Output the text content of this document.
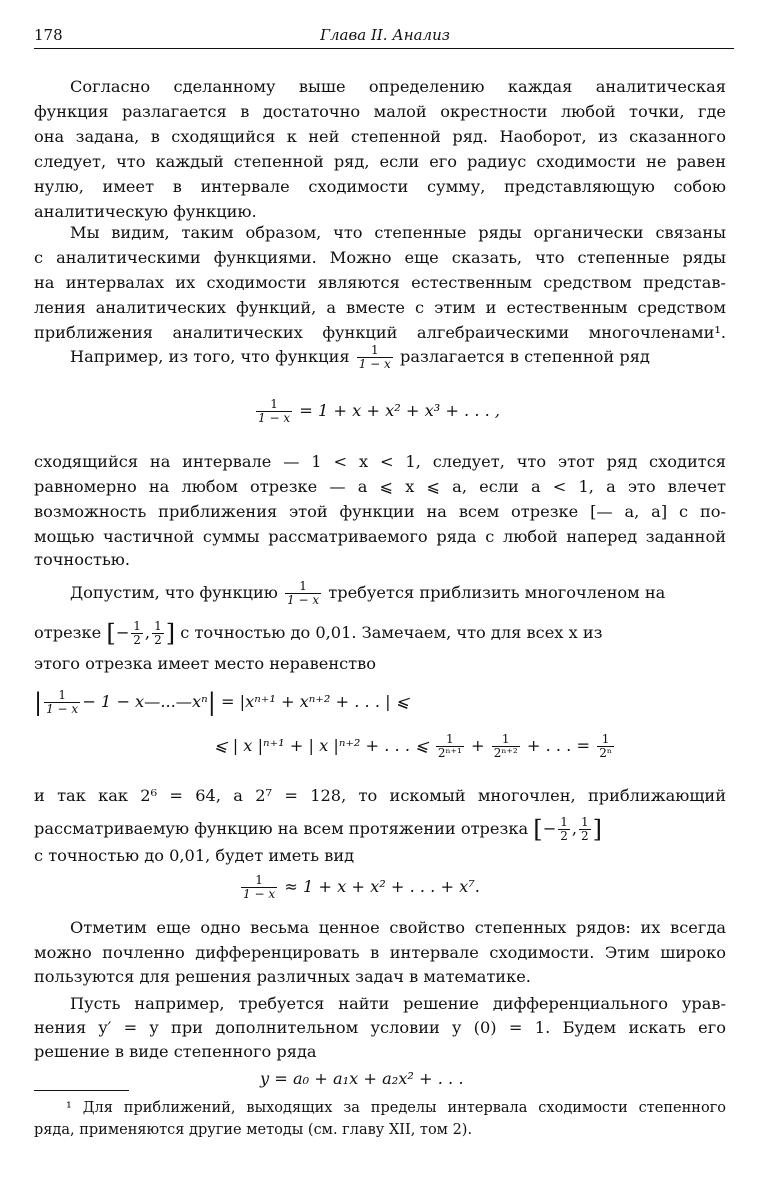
178	Глава II. Анализ
Согласно сделанному выше определению каждая аналитическая
функция разлагается в достаточно малой окрестности любой точки, где
она задана, в сходящийся к ней степенной ряд. Наоборот, из сказанного
следует, что каждый степенной ряд, если его радиус сходимости не равен
нулю, имеет в интервале сходимости сумму, представляющую собою
аналитическую функцию.
Мы видим, таким образом, что степенные ряды органически связаны
с аналитическими функциями. Можно еще сказать, что степенные ряды
на интервалах их сходимости являются естественным средством представ-
ления аналитических функций, а вместе с этим и естественным средством
приближения аналитических функций алгебраическими многочленами¹.
Например, из того, что функция $\frac{1}{1 - x}$ разлагается в степенной ряд
$\frac{1}{1 - x} = 1 + x + x^2 + x^3$ + . . . ,
сходящийся на интервале — 1 < x < 1, следует, что этот ряд сходится
равномерно на любом отрезке — a ⩽ x ⩽ a, если a < 1, а это влечет
возможность приближения этой функции на всем отрезке [— a, a] с по-
мощью частичной суммы рассматриваемого ряда с любой наперед заданной
точностью.
Допустим, что функцию $\frac{1}{1 - x}$ требуется приблизить многочленом на
отрезке [− $\frac{1}{2}$ , $\frac{1}{2}$ ] с точностью до 0,01. Замечаем, что для всех x из
этого отрезка имеет место неравенство
| $\frac{1}{1 - x} - 1$ − x—...—xⁿ| = |xⁿ⁺¹ + xⁿ⁺² + . . . | ⩽
⩽ | x |ⁿ⁺¹ + | x |ⁿ⁺² + . . . ⩽ $\frac{1}{\text{2ⁿ⁺¹}} + \frac{1}{\text{2ⁿ⁺²}}$ + . . . = $\frac{1}{\text{2ⁿ}}$
и так как 2⁶ = 64, а 2⁷ = 128, то искомый многочлен, приближающий
рассматриваемую функцию на всем протяжении отрезка [− $\frac{1}{2}$ , $\frac{1}{2}$ ]
с точностью до 0,01, будет иметь вид
$\frac{1}{1 - x} \approx 1 + x + x^2$ + . . . + x⁷.
Отметим еще одно весьма ценное свойство степенных рядов: их всегда
можно почленно дифференцировать в интервале сходимости. Этим широко
пользуются для решения различных задач в математике.
Пусть например, требуется найти решение дифференциального урав-
нения y′ = y при дополнительном условии y (0) = 1. Будем искать его
решение в виде степенного ряда
y = a₀ + a₁x + a₂x² + . . .
¹ Для приближений, выходящих за пределы интервала сходимости степенного
ряда, применяются другие методы (см. главу XII, том 2).
